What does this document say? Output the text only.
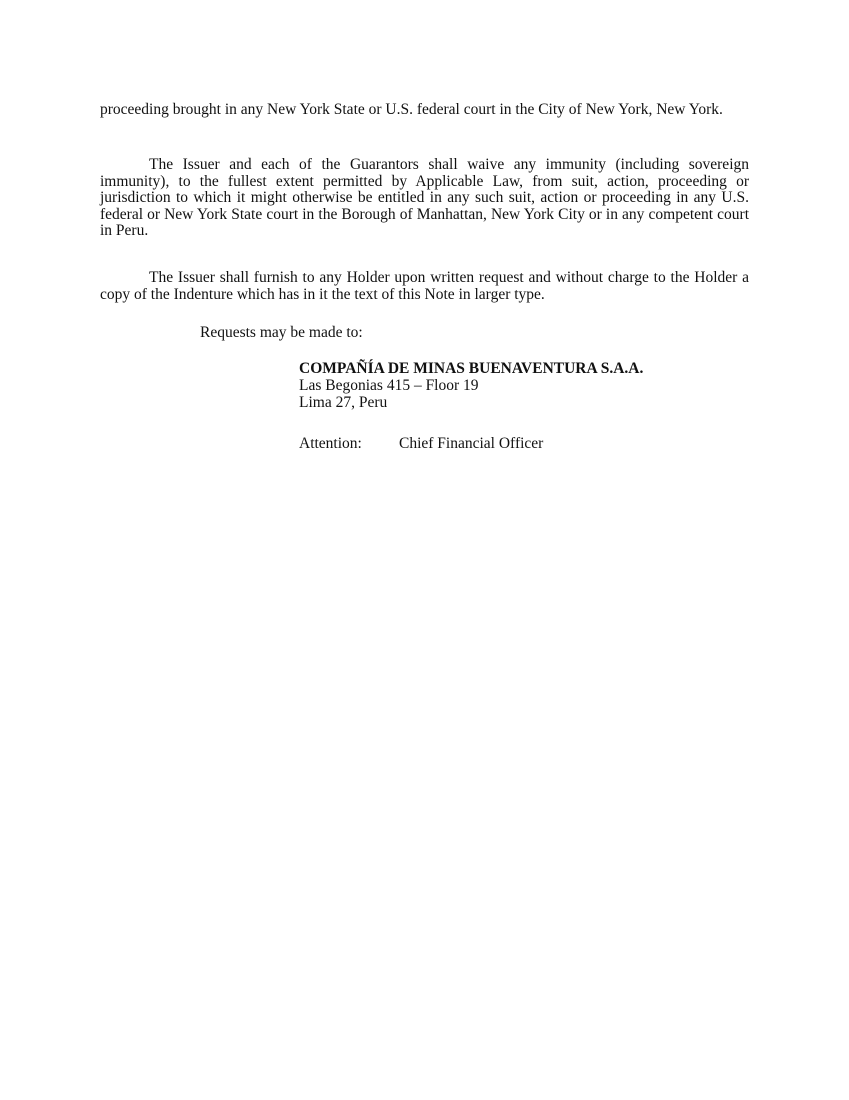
proceeding brought in any New York State or U.S. federal court in the City of New York, New York.

The Issuer and each of the Guarantors shall waive any immunity (including sovereign immunity), to the fullest extent permitted by Applicable Law, from suit, action, proceeding or jurisdiction to which it might otherwise be entitled in any such suit, action or proceeding in any U.S. federal or New York State court in the Borough of Manhattan, New York City or in any competent court in Peru.

The Issuer shall furnish to any Holder upon written request and without charge to the Holder a copy of the Indenture which has in it the text of this Note in larger type.

Requests may be made to:

COMPAÑÍA DE MINAS BUENAVENTURA S.A.A.
Las Begonias 415 – Floor 19
Lima 27, Peru
Attention: Chief Financial Officer
